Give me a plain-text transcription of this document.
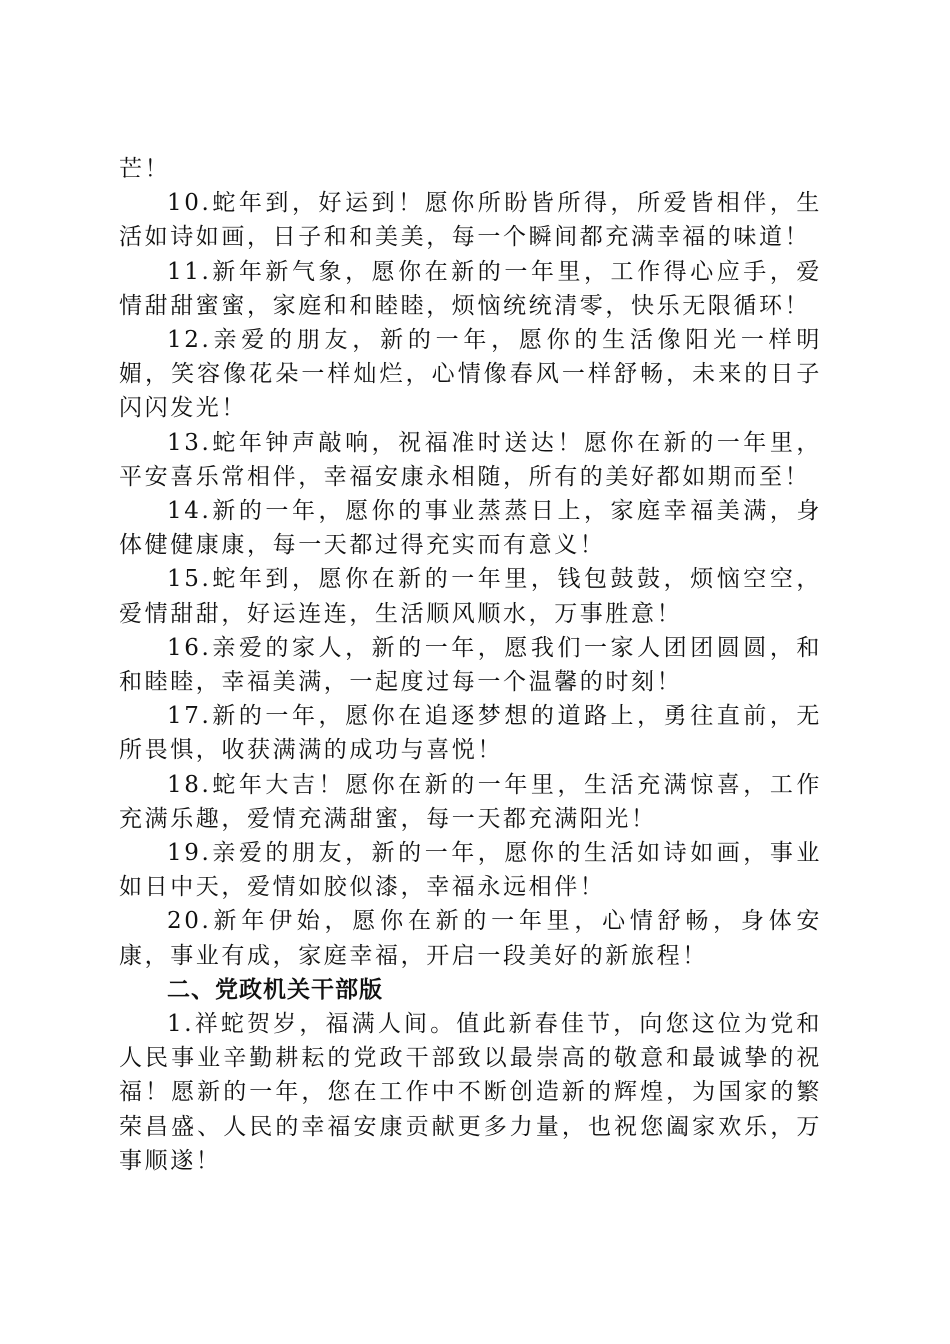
芒！

10.蛇年到，好运到！愿你所盼皆所得，所爱皆相伴，生活如诗如画，日子和和美美，每一个瞬间都充满幸福的味道！

11.新年新气象，愿你在新的一年里，工作得心应手，爱情甜甜蜜蜜，家庭和和睦睦，烦恼统统清零，快乐无限循环！

12.亲爱的朋友，新的一年，愿你的生活像阳光一样明媚，笑容像花朵一样灿烂，心情像春风一样舒畅，未来的日子闪闪发光！

13.蛇年钟声敲响，祝福准时送达！愿你在新的一年里，平安喜乐常相伴，幸福安康永相随，所有的美好都如期而至！

14.新的一年，愿你的事业蒸蒸日上，家庭幸福美满，身体健健康康，每一天都过得充实而有意义！

15.蛇年到，愿你在新的一年里，钱包鼓鼓，烦恼空空，爱情甜甜，好运连连，生活顺风顺水，万事胜意！

16.亲爱的家人，新的一年，愿我们一家人团团圆圆，和和睦睦，幸福美满，一起度过每一个温馨的时刻！

17.新的一年，愿你在追逐梦想的道路上，勇往直前，无所畏惧，收获满满的成功与喜悦！

18.蛇年大吉！愿你在新的一年里，生活充满惊喜，工作充满乐趣，爱情充满甜蜜，每一天都充满阳光！

19.亲爱的朋友，新的一年，愿你的生活如诗如画，事业如日中天，爱情如胶似漆，幸福永远相伴！

20.新年伊始，愿你在新的一年里，心情舒畅，身体安康，事业有成，家庭幸福，开启一段美好的新旅程！

二、党政机关干部版

1.祥蛇贺岁，福满人间。值此新春佳节，向您这位为党和人民事业辛勤耕耘的党政干部致以最崇高的敬意和最诚挚的祝福！愿新的一年，您在工作中不断创造新的辉煌，为国家的繁荣昌盛、人民的幸福安康贡献更多力量，也祝您阖家欢乐，万事顺遂！
